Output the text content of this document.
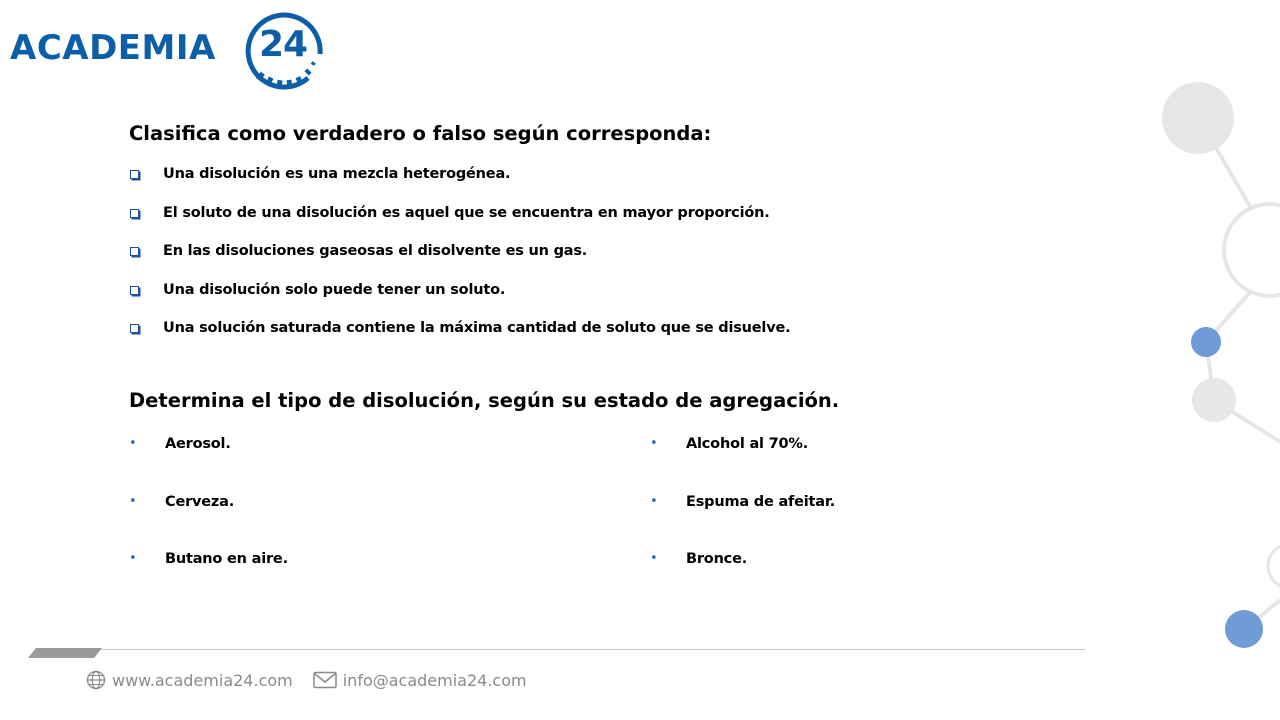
ACADEMIA 24
Clasifica como verdadero o falso según corresponda:
Una disolución es una mezcla heterogénea.
El soluto de una disolución es aquel que se encuentra en mayor proporción.
En las disoluciones gaseosas el disolvente es un gas.
Una disolución solo puede tener un soluto.
Una solución saturada contiene la máxima cantidad de soluto que se disuelve.
Determina el tipo de disolución, según su estado de agregación.
•	Aerosol.
•	Cerveza.
•	Butano en aire.
•	Alcohol al 70%.
•	Espuma de afeitar.
•	Bronce.
www.academia24.com	info@academia24.com
